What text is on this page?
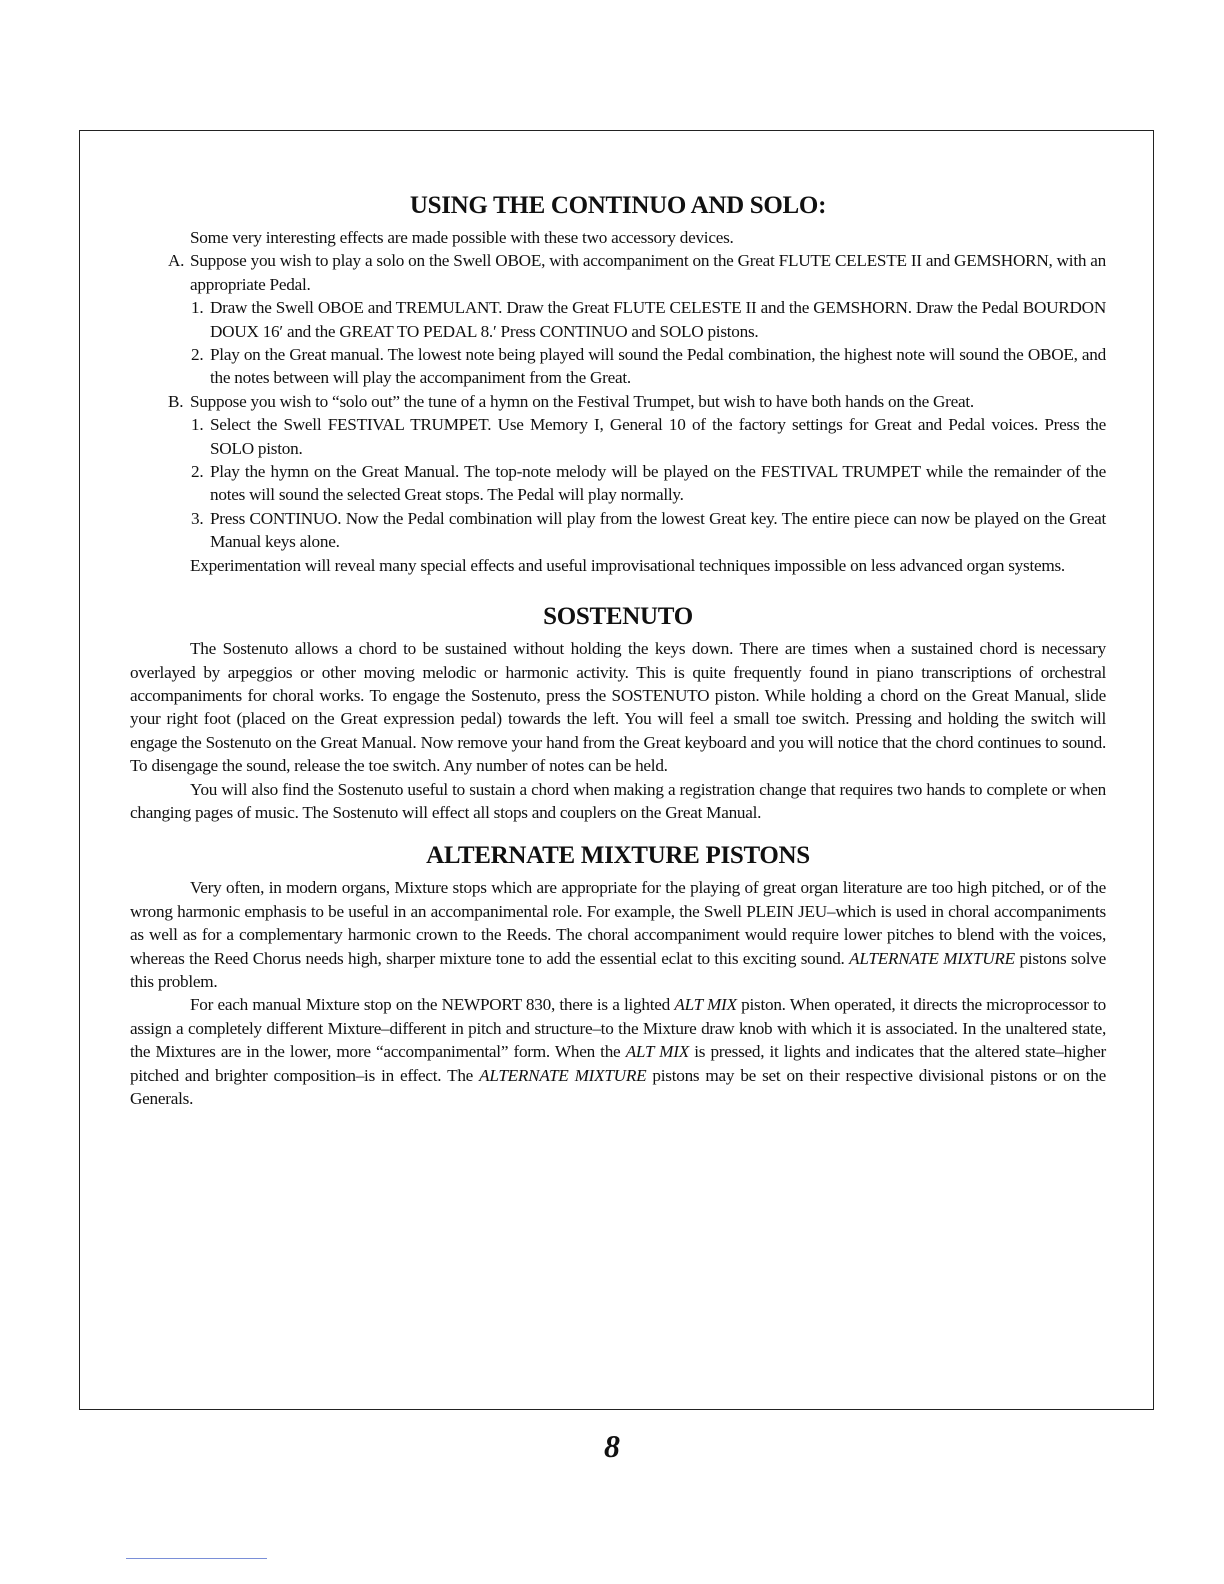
USING THE CONTINUO AND SOLO:

Some very interesting effects are made possible with these two accessory devices.

A. Suppose you wish to play a solo on the Swell OBOE, with accompaniment on the Great FLUTE CELESTE II and GEMSHORN, with an appropriate Pedal.
1. Draw the Swell OBOE and TREMULANT. Draw the Great FLUTE CELESTE II and the GEMSHORN. Draw the Pedal BOURDON DOUX 16′ and the GREAT TO PEDAL 8.′ Press CONTINUO and SOLO pistons.
2. Play on the Great manual. The lowest note being played will sound the Pedal combination, the highest note will sound the OBOE, and the notes between will play the accompaniment from the Great.
B. Suppose you wish to “solo out” the tune of a hymn on the Festival Trumpet, but wish to have both hands on the Great.
1. Select the Swell FESTIVAL TRUMPET. Use Memory I, General 10 of the factory settings for Great and Pedal voices. Press the SOLO piston.
2. Play the hymn on the Great Manual. The top-note melody will be played on the FESTIVAL TRUMPET while the remainder of the notes will sound the selected Great stops. The Pedal will play normally.
3. Press CONTINUO. Now the Pedal combination will play from the lowest Great key. The entire piece can now be played on the Great Manual keys alone.

Experimentation will reveal many special effects and useful improvisational techniques impossible on less advanced organ systems.

SOSTENUTO

The Sostenuto allows a chord to be sustained without holding the keys down. There are times when a sustained chord is necessary overlayed by arpeggios or other moving melodic or harmonic activity. This is quite frequently found in piano transcriptions of orchestral accompaniments for choral works. To engage the Sostenuto, press the SOSTENUTO piston. While holding a chord on the Great Manual, slide your right foot (placed on the Great expression pedal) towards the left. You will feel a small toe switch. Pressing and holding the switch will engage the Sostenuto on the Great Manual. Now remove your hand from the Great keyboard and you will notice that the chord continues to sound. To disengage the sound, release the toe switch. Any number of notes can be held.

You will also find the Sostenuto useful to sustain a chord when making a registration change that requires two hands to complete or when changing pages of music. The Sostenuto will effect all stops and couplers on the Great Manual.

ALTERNATE MIXTURE PISTONS

Very often, in modern organs, Mixture stops which are appropriate for the playing of great organ literature are too high pitched, or of the wrong harmonic emphasis to be useful in an accompanimental role. For example, the Swell PLEIN JEU–which is used in choral accompaniments as well as for a complementary harmonic crown to the Reeds. The choral accompaniment would require lower pitches to blend with the voices, whereas the Reed Chorus needs high, sharper mixture tone to add the essential eclat to this exciting sound. ALTERNATE MIXTURE pistons solve this problem.

For each manual Mixture stop on the NEWPORT 830, there is a lighted ALT MIX piston. When operated, it directs the microprocessor to assign a completely different Mixture–different in pitch and structure–to the Mixture draw knob with which it is associated. In the unaltered state, the Mixtures are in the lower, more “accompanimental” form. When the ALT MIX is pressed, it lights and indicates that the altered state–higher pitched and brighter composition–is in effect. The ALTERNATE MIXTURE pistons may be set on their respective divisional pistons or on the Generals.

8
